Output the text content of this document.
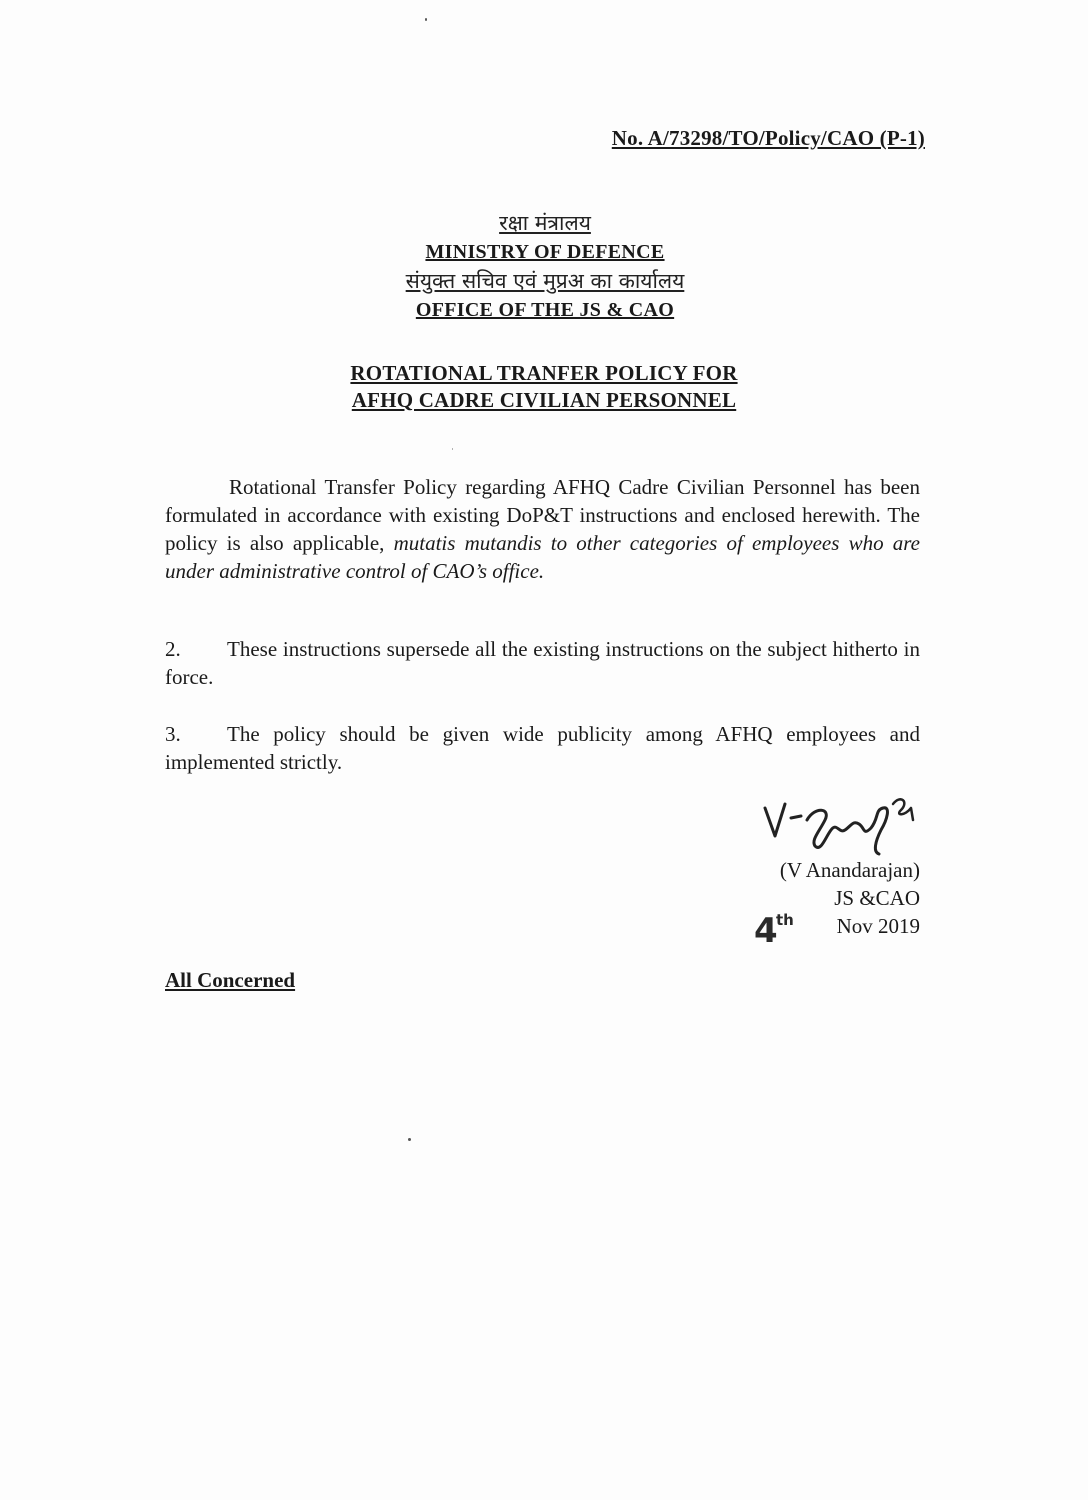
No. A/73298/TO/Policy/CAO (P-1)
रक्षा मंत्रालय
MINISTRY OF DEFENCE
संयुक्त सचिव एवं मुप्रअ का कार्यालय
OFFICE OF THE JS & CAO
ROTATIONAL TRANFER POLICY FOR
AFHQ CADRE CIVILIAN PERSONNEL
Rotational Transfer Policy regarding AFHQ Cadre Civilian Personnel has been formulated in accordance with existing DoP&T instructions and enclosed herewith. The policy is also applicable, mutatis mutandis to other categories of employees who are under administrative control of CAO’s office.
2. These instructions supersede all the existing instructions on the subject hitherto in force.
3. The policy should be given wide publicity among AFHQ employees and implemented strictly.
(V Anandarajan)
JS &CAO
4
th Nov 2019
All Concerned
